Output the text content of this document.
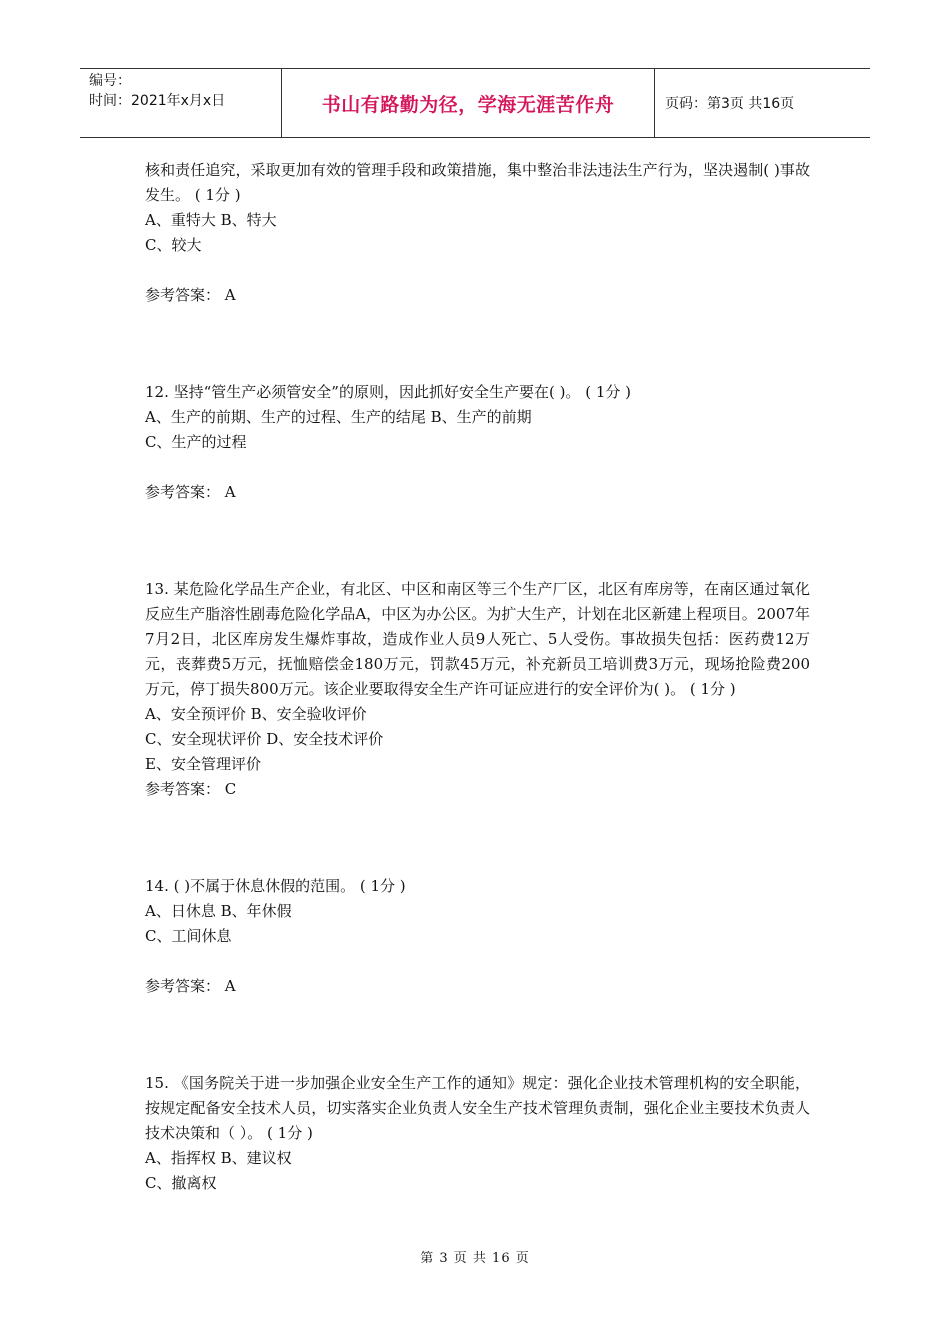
编号：
时间：2021年x月x日	书山有路勤为径，学海无涯苦作舟	页码：第3页 共16页
核和责任追究，采取更加有效的管理手段和政策措施，集中整治非法违法生产行为，坚决遏制( )事故发生。 ( 1分 )
A、重特大 B、特大
C、较大
参考答案： A
12. 坚持“管生产必须管安全”的原则，因此抓好安全生产要在( )。 ( 1分 )
A、生产的前期、生产的过程、生产的结尾 B、生产的前期
C、生产的过程
参考答案： A
13. 某危险化学品生产企业，有北区、中区和南区等三个生产厂区，北区有库房等，在南区通过氧化反应生产脂溶性剧毒危险化学品A，中区为办公区。为扩大生产，计划在北区新建上程项目。2007年7月2日，北区库房发生爆炸事故，造成作业人员9人死亡、5人受伤。事故损失包括：医药费12万元，丧葬费5万元，抚恤赔偿金180万元，罚款45万元，补充新员工培训费3万元，现场抢险费200万元，停丁损失800万元。该企业要取得安全生产许可证应进行的安全评价为( )。 ( 1分 )
A、安全预评价 B、安全验收评价
C、安全现状评价 D、安全技术评价
E、安全管理评价
参考答案： C
14. ( )不属于休息休假的范围。 ( 1分 )
A、日休息 B、年休假
C、工间休息
参考答案： A
15. 《国务院关于进一步加强企业安全生产工作的通知》规定：强化企业技术管理机构的安全职能，按规定配备安全技术人员，切实落实企业负责人安全生产技术管理负责制，强化企业主要技术负责人技术决策和（ ）。 ( 1分 )
A、指挥权 B、建议权
C、撤离权
第 3 页 共 16 页
